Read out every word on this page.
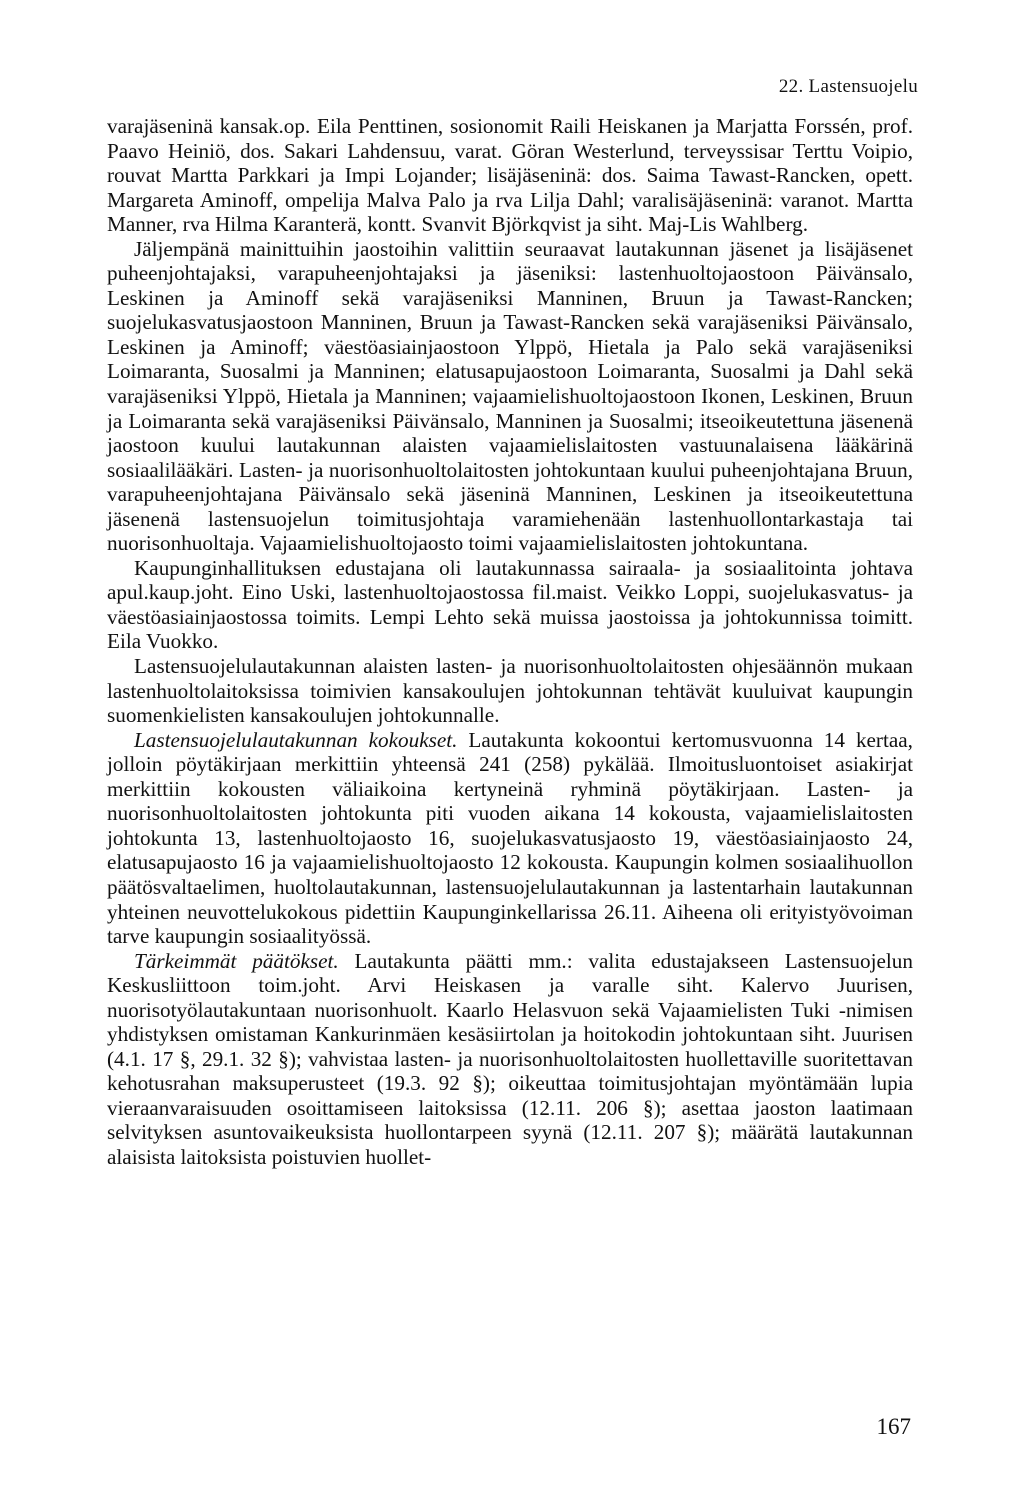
22. Lastensuojelu

varajäseninä kansak.op. Eila Penttinen, sosionomit Raili Heiskanen ja Marjatta Forssén, prof. Paavo Heiniö, dos. Sakari Lahdensuu, varat. Göran Westerlund, terveyssisar Terttu Voipio, rouvat Martta Parkkari ja Impi Lojander; lisäjäseninä: dos. Saima Tawast-Rancken, opett. Margareta Aminoff, ompelija Malva Palo ja rva Lilja Dahl; varalisäjäseninä: varanot. Martta Manner, rva Hilma Karanterä, kontt. Svanvit Björkqvist ja siht. Maj-Lis Wahlberg.

Jäljempänä mainittuihin jaostoihin valittiin seuraavat lautakunnan jäsenet ja lisäjäsenet puheenjohtajaksi, varapuheenjohtajaksi ja jäseniksi: lastenhuoltojaostoon Päivänsalo, Leskinen ja Aminoff sekä varajäseniksi Manninen, Bruun ja Tawast-Rancken; suojelukasvatusjaostoon Manninen, Bruun ja Tawast-Rancken sekä varajäseniksi Päivänsalo, Leskinen ja Aminoff; väestöasiainjaostoon Ylppö, Hietala ja Palo sekä varajäseniksi Loimaranta, Suosalmi ja Manninen; elatusapujaostoon Loimaranta, Suosalmi ja Dahl sekä varajäseniksi Ylppö, Hietala ja Manninen; vajaamielishuoltojaostoon Ikonen, Leskinen, Bruun ja Loimaranta sekä varajäseniksi Päivänsalo, Manninen ja Suosalmi; itseoikeutettuna jäsenenä jaostoon kuului lautakunnan alaisten vajaamielislaitosten vastuunalaisena lääkärinä sosiaalilääkäri. Lasten- ja nuorisonhuoltolaitosten johtokuntaan kuului puheenjohtajana Bruun, varapuheenjohtajana Päivänsalo sekä jäseninä Manninen, Leskinen ja itseoikeutettuna jäsenenä lastensuojelun toimitusjohtaja varamiehenään lastenhuollontarkastaja tai nuorisonhuoltaja. Vajaamielishuoltojaosto toimi vajaamielislaitosten johtokuntana.

Kaupunginhallituksen edustajana oli lautakunnassa sairaala- ja sosiaalitointa johtava apul.kaup.joht. Eino Uski, lastenhuoltojaostossa fil.maist. Veikko Loppi, suojelukasvatus- ja väestöasiainjaostossa toimits. Lempi Lehto sekä muissa jaostoissa ja johtokunnissa toimitt. Eila Vuokko.

Lastensuojelulautakunnan alaisten lasten- ja nuorisonhuoltolaitosten ohjesäännön mukaan lastenhuoltolaitoksissa toimivien kansakoulujen johtokunnan tehtävät kuuluivat kaupungin suomenkielisten kansakoulujen johtokunnalle.

Lastensuojelulautakunnan kokoukset. Lautakunta kokoontui kertomusvuonna 14 kertaa, jolloin pöytäkirjaan merkittiin yhteensä 241 (258) pykälää. Ilmoitusluontoiset asiakirjat merkittiin kokousten väliaikoina kertyneinä ryhminä pöytäkirjaan. Lasten- ja nuorisonhuoltolaitosten johtokunta piti vuoden aikana 14 kokousta, vajaamielislaitosten johtokunta 13, lastenhuoltojaosto 16, suojelukasvatusjaosto 19, väestöasiainjaosto 24, elatusapujaosto 16 ja vajaamielishuoltojaosto 12 kokousta. Kaupungin kolmen sosiaalihuollon päätösvaltaelimen, huoltolautakunnan, lastensuojelulautakunnan ja lastentarhain lautakunnan yhteinen neuvottelukokous pidettiin Kaupunginkellarissa 26.11. Aiheena oli erityistyövoiman tarve kaupungin sosiaalityössä.

Tärkeimmät päätökset. Lautakunta päätti mm.: valita edustajakseen Lastensuojelun Keskusliittoon toim.joht. Arvi Heiskasen ja varalle siht. Kalervo Juurisen, nuorisotyölautakuntaan nuorisonhuolt. Kaarlo Helasvuon sekä Vajaamielisten Tuki -nimisen yhdistyksen omistaman Kankurinmäen kesäsiirtolan ja hoitokodin johtokuntaan siht. Juurisen (4.1. 17 §, 29.1. 32 §); vahvistaa lasten- ja nuorisonhuoltolaitosten huollettaville suoritettavan kehotusrahan maksuperusteet (19.3. 92 §); oikeuttaa toimitusjohtajan myöntämään lupia vieraanvaraisuuden osoittamiseen laitoksissa (12.11. 206 §); asettaa jaoston laatimaan selvityksen asuntovaikeuksista huollontarpeen syynä (12.11. 207 §); määrätä lautakunnan alaisista laitoksista poistuvien huollet-

167
